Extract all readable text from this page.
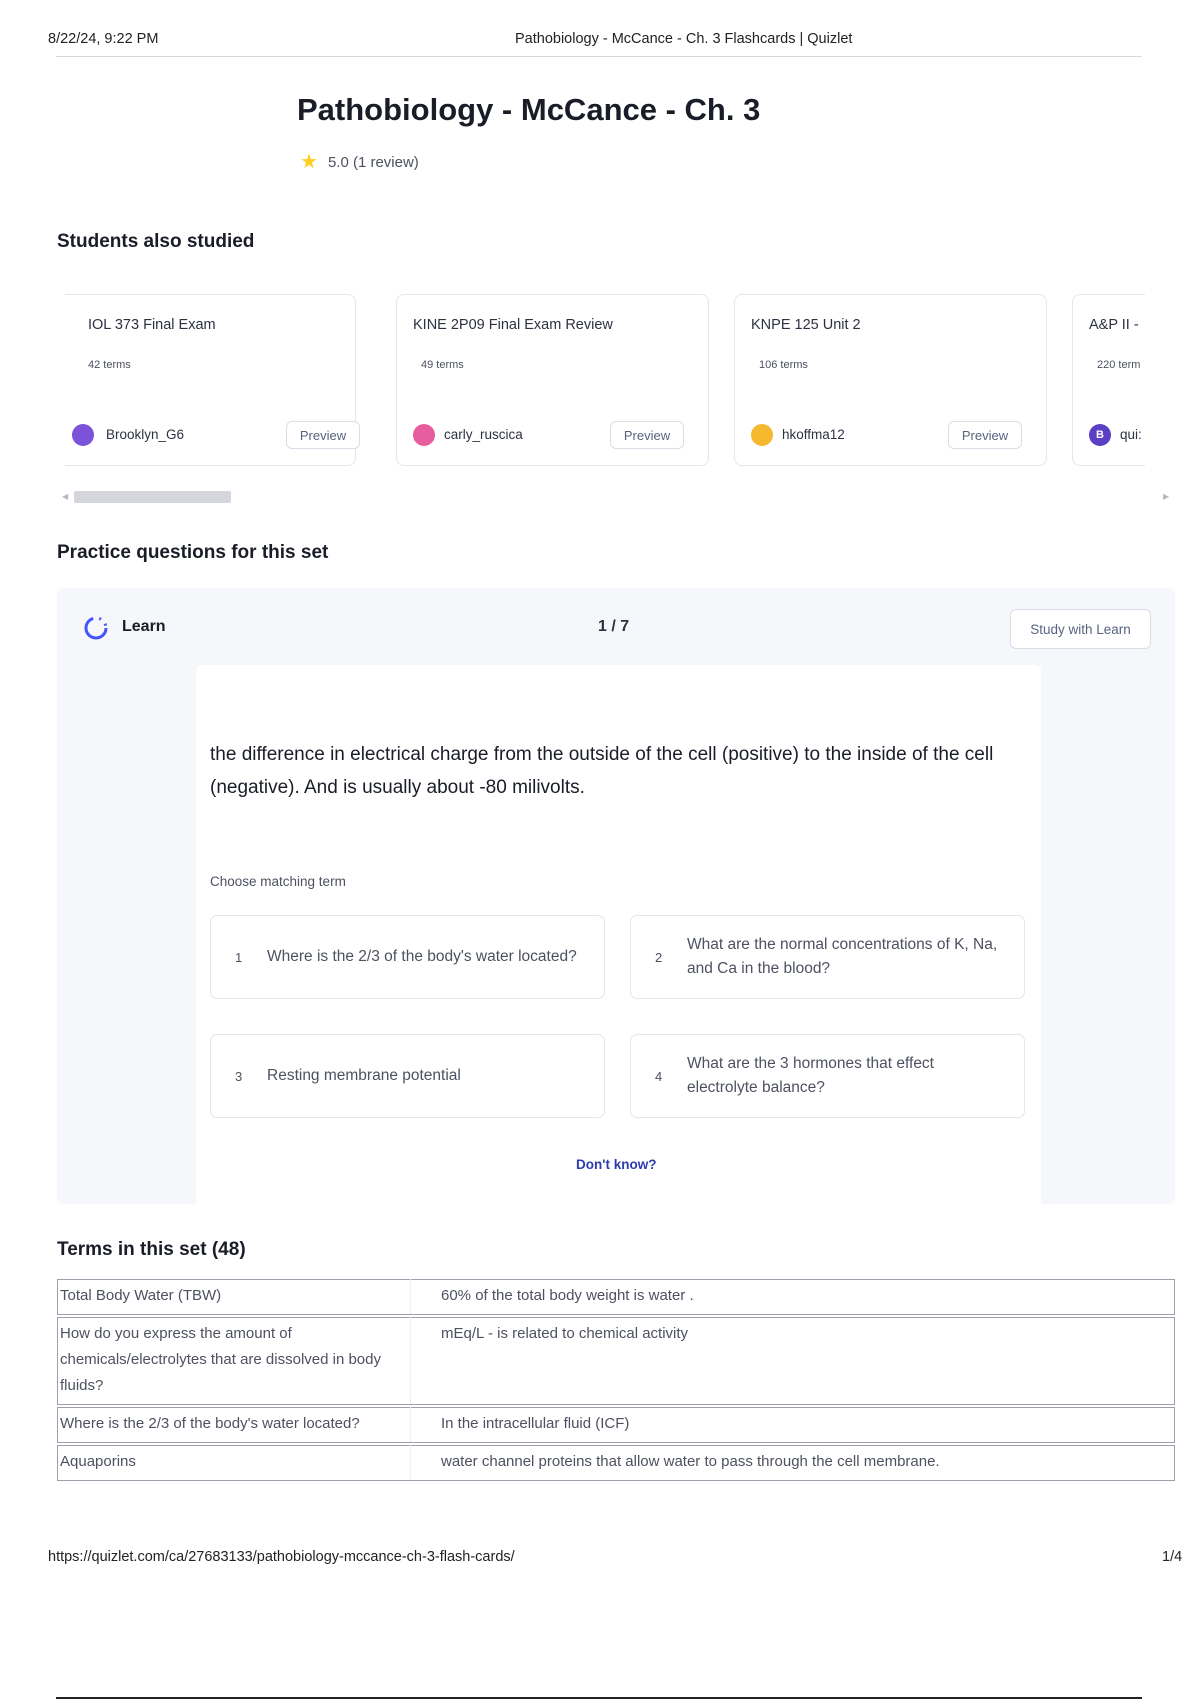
8/22/24, 9:22 PM	Pathobiology - McCance - Ch. 3 Flashcards | Quizlet
Pathobiology - McCance - Ch. 3
★ 5.0 (1 review)
Students also studied
IOL 373 Final Exam
42 terms
Brooklyn_G6	Preview
KINE 2P09 Final Exam Review
49 terms
carly_ruscica	Preview
KNPE 125 Unit 2
106 terms
hkoffma12	Preview
A&P II -
220 term
B	qui:
◀	▶
Practice questions for this set
Learn	1 / 7	Study with Learn
the difference in electrical charge from the outside of the cell (positive) to the inside of the cell (negative). And is usually about -80 milivolts.
Choose matching term
1 Where is the 2/3 of the body's water located?	2
What are the normal concentrations of K, Na, and Ca in the blood?
3 Resting membrane potential	4
What are the 3 hormones that effect electrolyte balance?
Don't know?
Terms in this set (48)
Total Body Water (TBW)	60% of the total body weight is water .

How do you express the amount of chemicals/electrolytes that are dissolved in body fluids?	mEq/L - is related to chemical activity

Where is the 2/3 of the body's water located?	In the intracellular fluid (ICF)

Aquaporins	water channel proteins that allow water to pass through the cell membrane.
https://quizlet.com/ca/27683133/pathobiology-mccance-ch-3-flash-cards/	1/4
